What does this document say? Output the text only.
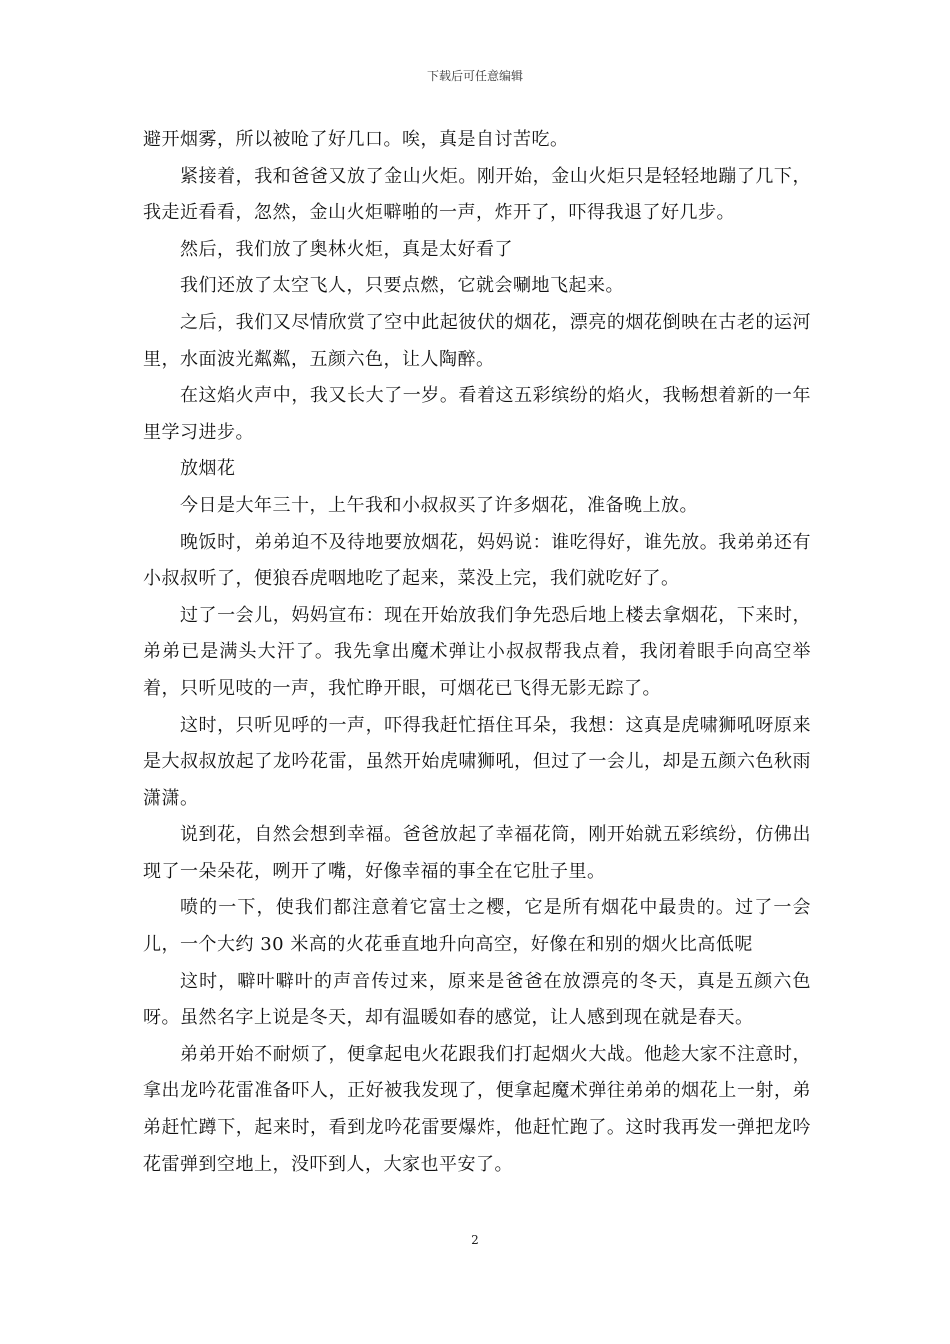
下载后可任意编辑

避开烟雾，所以被呛了好几口。唉，真是自讨苦吃。

紧接着，我和爸爸又放了金山火炬。刚开始，金山火炬只是轻轻地蹦了几下，我走近看看，忽然，金山火炬噼啪的一声，炸开了，吓得我退了好几步。

然后，我们放了奥林火炬，真是太好看了

我们还放了太空飞人，只要点燃，它就会唰地飞起来。

之后，我们又尽情欣赏了空中此起彼伏的烟花，漂亮的烟花倒映在古老的运河里，水面波光粼粼，五颜六色，让人陶醉。

在这焰火声中，我又长大了一岁。看着这五彩缤纷的焰火，我畅想着新的一年里学习进步。

放烟花

今日是大年三十，上午我和小叔叔买了许多烟花，准备晚上放。

晚饭时，弟弟迫不及待地要放烟花，妈妈说：谁吃得好，谁先放。我弟弟还有小叔叔听了，便狼吞虎咽地吃了起来，菜没上完，我们就吃好了。

过了一会儿，妈妈宣布：现在开始放我们争先恐后地上楼去拿烟花，下来时，弟弟已是满头大汗了。我先拿出魔术弹让小叔叔帮我点着，我闭着眼手向高空举着，只听见吱的一声，我忙睁开眼，可烟花已飞得无影无踪了。

这时，只听见呼的一声，吓得我赶忙捂住耳朵，我想：这真是虎啸狮吼呀原来是大叔叔放起了龙吟花雷，虽然开始虎啸狮吼，但过了一会儿，却是五颜六色秋雨潇潇。

说到花，自然会想到幸福。爸爸放起了幸福花筒，刚开始就五彩缤纷，仿佛出现了一朵朵花，咧开了嘴，好像幸福的事全在它肚子里。

喷的一下，使我们都注意着它富士之樱，它是所有烟花中最贵的。过了一会儿，一个大约 30 米高的火花垂直地升向高空，好像在和别的烟火比高低呢

这时，噼叶噼叶的声音传过来，原来是爸爸在放漂亮的冬天，真是五颜六色呀。虽然名字上说是冬天，却有温暖如春的感觉，让人感到现在就是春天。

弟弟开始不耐烦了，便拿起电火花跟我们打起烟火大战。他趁大家不注意时，拿出龙吟花雷准备吓人，正好被我发现了，便拿起魔术弹往弟弟的烟花上一射，弟弟赶忙蹲下，起来时，看到龙吟花雷要爆炸，他赶忙跑了。这时我再发一弹把龙吟花雷弹到空地上，没吓到人，大家也平安了。

2
